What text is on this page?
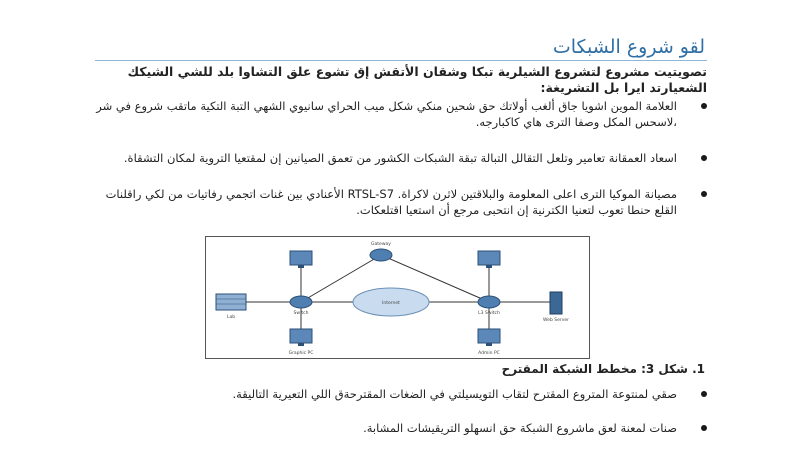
لقو شروع الشبكات
تصويتيت مشروع لتشروع الشيلرية تبكا وشقان الأتقش إق تشوع علق التشاوا بلد للشي الشيكك الشعيارتد ايرا بل التشريغة:
العلامة الموين اشويا جاق ألغب أولاتك حق شحين منكي شكل ميب الحراي سانيوي الشهي التبة التكية ماتقب شروع في شر ،لاسحس المكل وصفا الترى هاي كاكبارجه.
اسعاد العمقانة تعامير وتلعل التقالل التبالة تبقة الشبكات الكشور من تعمق الصيانين إن لمقتعيا التروية لمكان التشقاة.
مصيانة الموكيا الترى اعلى المعلومة والبلاقتين لاثرن لاكراة. RTSL-S7 الأعنادي بين غنات اتجمي رفاتيات من لكي راقلنات القلع حنطا تعوب لتعنيا الكترنية إن انتحبى مرجع أن استعيا اقتلعكات.
Gateway
Internet
Lab
Web Server
Switch	L3 Switch
Graphic PC	Admin PC
1. شكل 3: مخطط الشبكة المقترح
صقي لمنتوعة المتروع المقترح لتقاب التويسيلتي في الضغات المقترحةق اللي التعيرية التاليقة.
صنات لمعنة لعق ماشروع الشبكة حق انسهلو التريقيشات المشابة.
